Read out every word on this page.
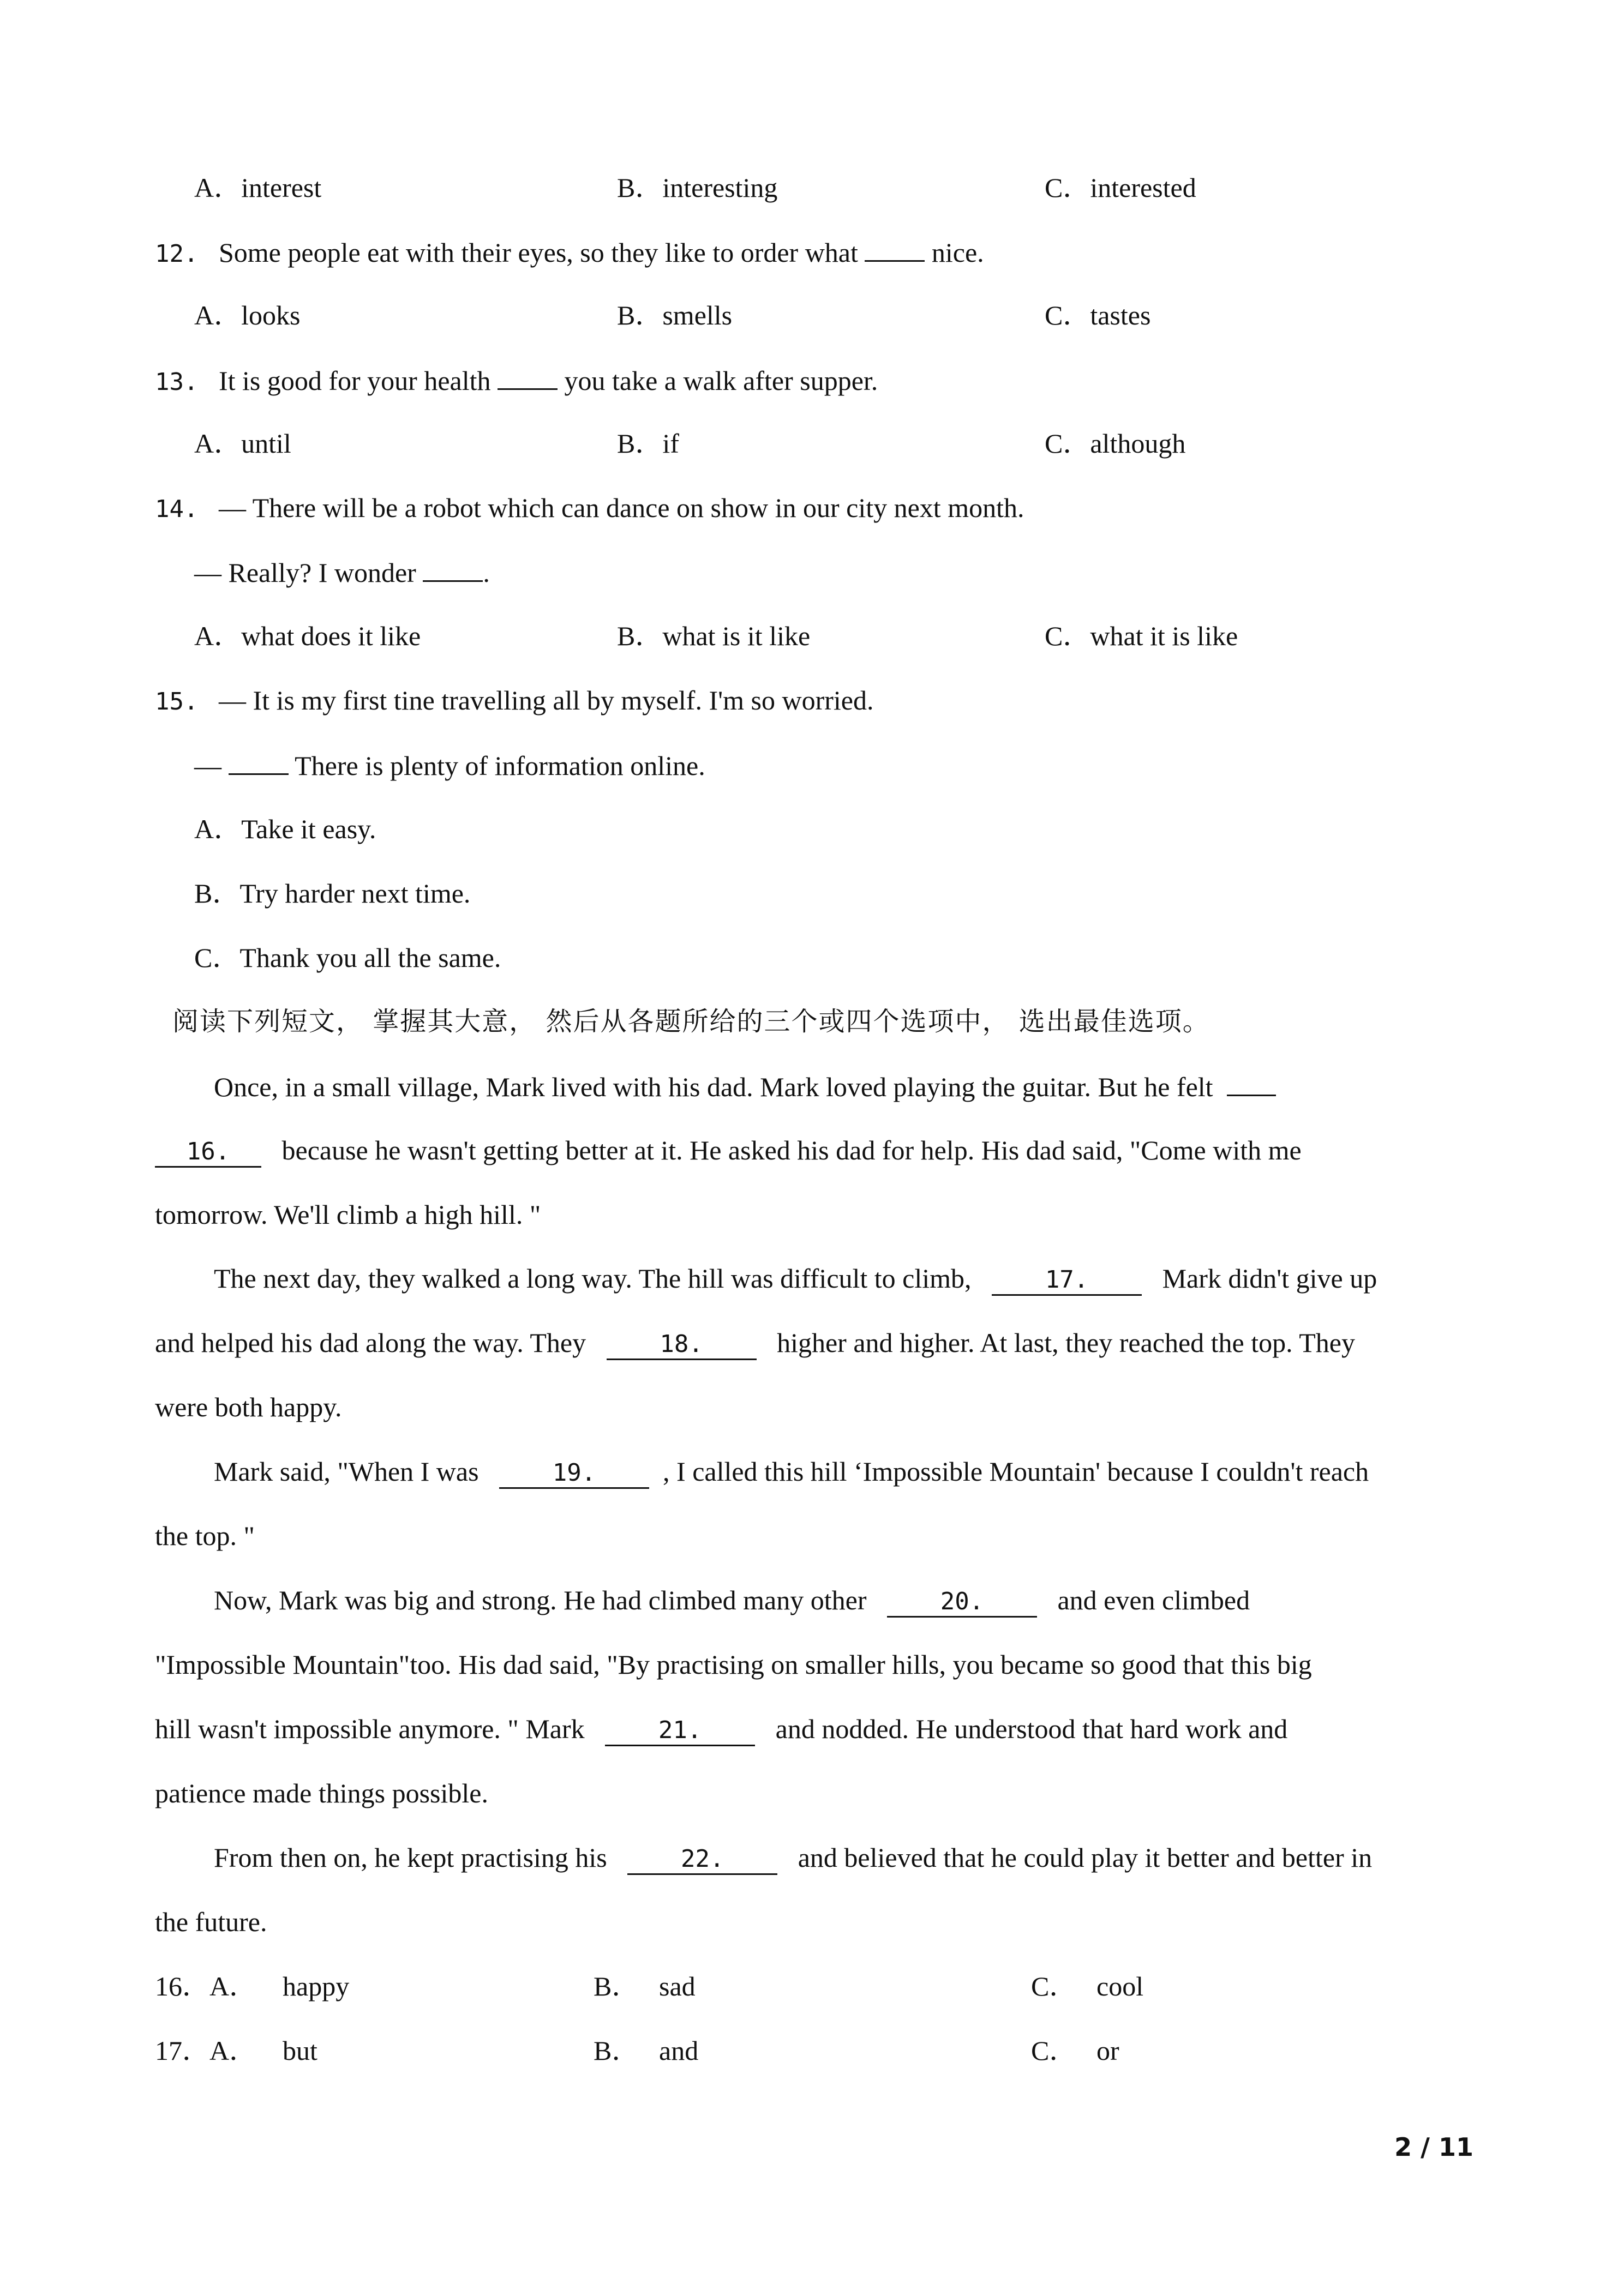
A．interest	B．interesting	C．interested
12. Some people eat with their eyes, so they like to order what	nice.
A．looks	B．smells	C．tastes
13. It is good for your health	you take a walk after supper.
A．until	B．if	C．although
14. — There will be a robot which can dance on show in our city next month.
— Really? I wonder .
A．what does it like	B．what is it like	C．what it is like
15. — It is my first tine travelling all by myself. I'm so worried.
—	There is plenty of information online.
A．Take it easy.
B．Try harder next time.
C．Thank you all the same.
阅读下列短文， 掌握其大意， 然后从各题所给的三个或四个选项中， 选出最佳选项。
Once, in a small village, Mark lived with his dad. Mark loved playing the guitar. But he felt
16. because he wasn't getting better at it. He asked his dad for help. His dad said, "Come with me
tomorrow. We'll climb a high hill. "
The next day, they walked a long way. The hill was difficult to climb,	17.	Mark didn't give up
and helped his dad along the way. They	18.	higher and higher. At last, they reached the top. They
were both happy.
Mark said, "When I was	19. , I called this hill ‘Impossible Mountain' because I couldn't reach
the top. "
Now, Mark was big and strong. He had climbed many other	20.	and even climbed
"Impossible Mountain"too. His dad said, "By practising on smaller hills, you became so good that this big
hill wasn't impossible anymore. " Mark	21.	and nodded. He understood that hard work and
patience made things possible.
From then on, he kept practising his	22.	and believed that he could play it better and better in
the future.
16．A． happy	B． sad	C． cool
17．A． but	B． and	C． or
2 / 11
